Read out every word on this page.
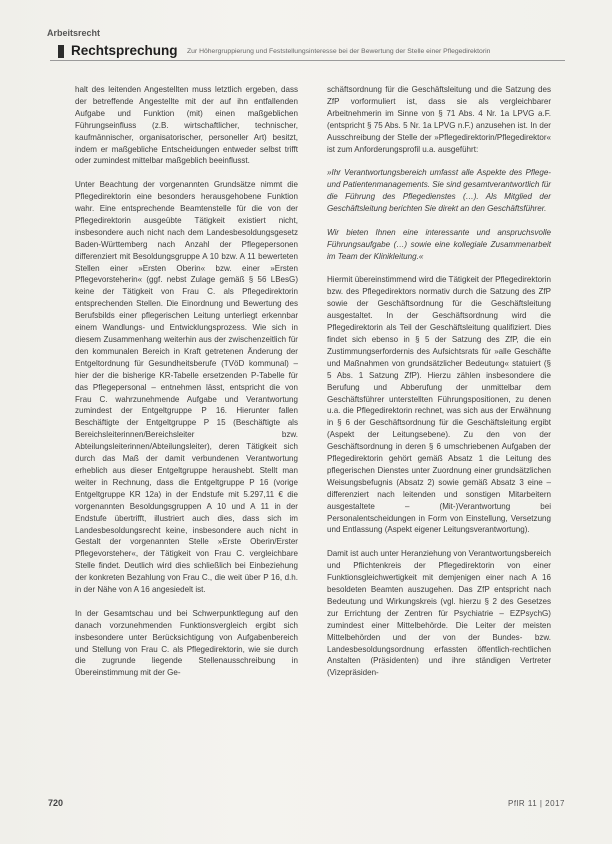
Arbeitsrecht
Rechtsprechung Zur Höhergruppierung und Feststellungsinteresse bei der Bewertung der Stelle einer Pflegedirektorin

halt des leitenden Angestellten muss letztlich ergeben, dass der betreffende Angestellte mit der auf ihn entfallenden Aufgabe und Funktion (mit) einen maßgeblichen Führungseinfluss (z.B. wirtschaftlicher, technischer, kaufmännischer, organisatorischer, personeller Art) besitzt, indem er maßgebliche Entscheidungen entweder selbst trifft oder zumindest mittelbar maßgeblich beeinflusst.

Unter Beachtung der vorgenannten Grundsätze nimmt die Pflegedirektorin eine besonders herausgehobene Funktion wahr. Eine entsprechende Beamtenstelle für die von der Pflegedirektorin ausgeübte Tätigkeit existiert nicht, insbesondere auch nicht nach dem Landesbesoldungsgesetz Baden-Württemberg nach Anzahl der Pflegepersonen differenziert mit Besoldungsgruppe A 10 bzw. A 11 bewerteten Stellen einer »Ersten Oberin« bzw. einer »Ersten Pflegevorsteherin« (ggf. nebst Zulage gemäß § 56 LBesG) keine der Tätigkeit von Frau C. als Pflegedirektorin entsprechenden Stellen. Die Einordnung und Bewertung des Berufsbilds einer pflegerischen Leitung unterliegt erkennbar einem Wandlungs- und Entwicklungsprozess. Wie sich in diesem Zusammenhang weiterhin aus der zwischenzeitlich für den kommunalen Bereich in Kraft getretenen Änderung der Entgeltordnung für Gesundheitsberufe (TVöD kommunal) – hier der die bisherige KR-Tabelle ersetzenden P-Tabelle für das Pflegepersonal – entnehmen lässt, entspricht die von Frau C. wahrzunehmende Aufgabe und Verantwortung zumindest der Entgeltgruppe P 16. Hierunter fallen Beschäftigte der Entgeltgruppe P 15 (Beschäftigte als Bereichsleiterinnen/Bereichsleiter bzw. Abteilungsleiterinnen/Abteilungsleiter), deren Tätigkeit sich durch das Maß der damit verbundenen Verantwortung erheblich aus dieser Entgeltgruppe heraushebt. Stellt man weiter in Rechnung, dass die Entgeltgruppe P 16 (vorige Entgeltgruppe KR 12a) in der Endstufe mit 5.297,11 € die vorgenannten Besoldungsgruppen A 10 und A 11 in der Endstufe übertrifft, illustriert auch dies, dass sich im Landesbesoldungsrecht keine, insbesondere auch nicht in Gestalt der vorgenannten Stelle »Erste Oberin/Erster Pflegevorsteher«, der Tätigkeit von Frau C. vergleichbare Stelle findet. Deutlich wird dies schließlich bei Einbeziehung der konkreten Bezahlung von Frau C., die weit über P 16, d.h. in der Nähe von A 16 angesiedelt ist.

In der Gesamtschau und bei Schwerpunktlegung auf den danach vorzunehmenden Funktionsvergleich ergibt sich insbesondere unter Berücksichtigung von Aufgabenbereich und Stellung von Frau C. als Pflegedirektorin, wie sie durch die zugrunde liegende Stellenausschreibung in Übereinstimmung mit der Ge-

schäftsordnung für die Geschäftsleitung und die Satzung des ZfP vorformuliert ist, dass sie als vergleichbarer Arbeitnehmerin im Sinne von § 71 Abs. 4 Nr. 1a LPVG a.F. (entspricht § 75 Abs. 5 Nr. 1a LPVG n.F.) anzusehen ist. In der Ausschreibung der Stelle der »Pflegedirektorin/Pflegedirektor« ist zum Anforderungsprofil u.a. ausgeführt:

»Ihr Verantwortungsbereich umfasst alle Aspekte des Pflege- und Patientenmanagements. Sie sind gesamtverantwortlich für die Führung des Pflegedienstes (…). Als Mitglied der Geschäftsleitung berichten Sie direkt an den Geschäftsführer.

Wir bieten Ihnen eine interessante und anspruchsvolle Führungsaufgabe (…) sowie eine kollegiale Zusammenarbeit im Team der Klinikleitung.«

Hiermit übereinstimmend wird die Tätigkeit der Pflegedirektorin bzw. des Pflegedirektors normativ durch die Satzung des ZfP sowie der Geschäftsordnung für die Geschäftsleitung ausgestaltet. In der Geschäftsordnung wird die Pflegedirektorin als Teil der Geschäftsleitung qualifiziert. Dies findet sich ebenso in § 5 der Satzung des ZfP, die ein Zustimmungserfordernis des Aufsichtsrats für »alle Geschäfte und Maßnahmen von grundsätzlicher Bedeutung« statuiert (§ 5 Abs. 1 Satzung ZfP). Hierzu zählen insbesondere die Berufung und Abberufung der unmittelbar dem Geschäftsführer unterstellten Führungspositionen, zu denen u.a. die Pflegedirektorin rechnet, was sich aus der Erwähnung in § 6 der Geschäftsordnung für die Geschäftsleitung ergibt (Aspekt der Leitungsebene). Zu den von der Geschäftsordnung in deren § 6 umschriebenen Aufgaben der Pflegedirektorin gehört gemäß Absatz 1 die Leitung des pflegerischen Dienstes unter Zuordnung einer grundsätzlichen Weisungsbefugnis (Absatz 2) sowie gemäß Absatz 3 eine – differenziert nach leitenden und sonstigen Mitarbeitern ausgestaltete – (Mit-)Verantwortung bei Personalentscheidungen in Form von Einstellung, Versetzung und Entlassung (Aspekt eigener Leitungsverantwortung).

Damit ist auch unter Heranziehung von Verantwortungsbereich und Pflichtenkreis der Pflegedirektorin von einer Funktionsgleichwertigkeit mit demjenigen einer nach A 16 besoldeten Beamten auszugehen. Das ZfP entspricht nach Bedeutung und Wirkungskreis (vgl. hierzu § 2 des Gesetzes zur Errichtung der Zentren für Psychiatrie – EZPsychG) zumindest einer Mittelbehörde. Die Leiter der meisten Mittelbehörden und der von der Bundes- bzw. Landesbesoldungsordnung erfassten öffentlich-rechtlichen Anstalten (Präsidenten) und ihre ständigen Vertreter (Vizepräsiden-

720	PflR 11 | 2017
